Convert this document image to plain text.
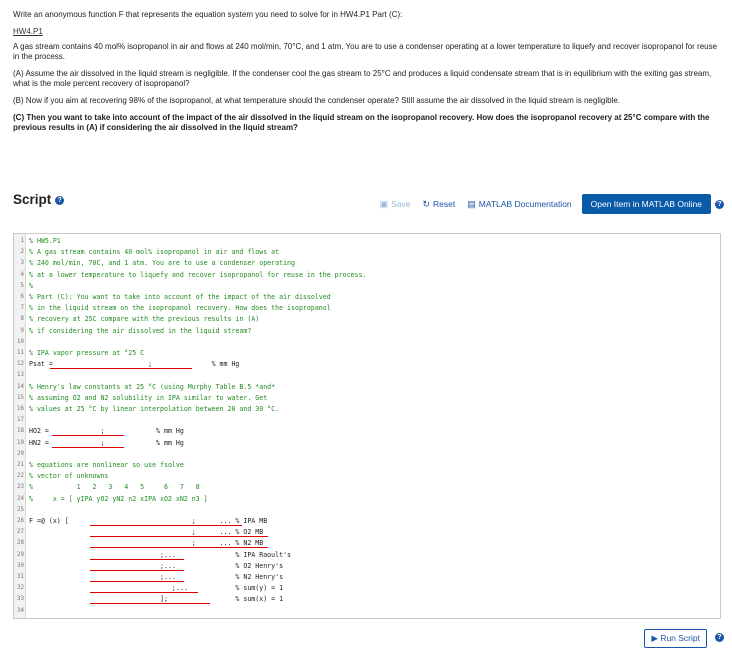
Write an anonymous function F that represents the equation system you need to solve for in HW4.P1 Part (C):

HW4.P1

A gas stream contains 40 mol% isopropanol in air and flows at 240 mol/min, 70°C, and 1 atm. You are to use a condenser operating at a lower temperature to liquefy and recover isopropanol for reuse in the process.

(A) Assume the air dissolved in the liquid stream is negligible. If the condenser cool the gas stream to 25°C and produces a liquid condensate stream that is in equilibrium with the exiting gas stream, what is the mole percent recovery of isopropanol?

(B) Now if you aim at recovering 98% of the isopropanol, at what temperature should the condenser operate? Still assume the air dissolved in the liquid stream is negligible.

(C) Then you want to take into account of the impact of the air dissolved in the liquid stream on the isopropanol recovery. How does the isopropanol recovery at 25°C compare with the previous results in (A) if considering the air dissolved in the liquid stream?

Script ?	▣ Save ↻ Reset ▤ MATLAB Documentation	Open Item in MATLAB Online	?
1 % HW5.P1
2 % A gas stream contains 40 mol% isopropanol in air and flows at
3 % 240 mol/min, 70C, and 1 atm. You are to use a condenser operating
4 % at a lower temperature to liquefy and recover isopropanol for reuse in the process.
5 %
6 % Part (C): You want to take into account of the impact of the air dissolved
7 % in the liquid stream on the isopropanol recovery. How does the isopropanol
8 % recovery at 25C compare with the previous results in (A)
9 % if considering the air dissolved in the liquid stream?
10
11 % IPA vapor pressure at °25 C
12 Psat =                        ;               % mm Hg
13
14 % Henry's law constants at 25 °C (using Murphy Table B.5 *and*
15 % assuming O2 and N2 solubility in IPA similar to water. Get
16 % values at 25 °C by linear interpolation between 20 and 30 °C.
17
18 HO2 =             ;             % mm Hg
19 HN2 =             ;             % mm Hg
20
21 % equations are nonlinear so use fsolve
22 % vector of unknowns
23 %           1   2   3   4   5     6   7   8
24 %     x = [ yIPA yO2 yN2 n2 xIPA xO2 xN2 n3 ]
25
26 F =@ (x) [                               ;      ... % IPA MB
27 ;      ... % O2 MB
28 ;      ... % N2 MB
29 ;...               % IPA Raoult's
30 ;...               % O2 Henry's
31 ;...               % N2 Henry's
32 ;...            % sum(y) = 1
33 ];                 % sum(x) = 1
34
▶ Run Script	?
